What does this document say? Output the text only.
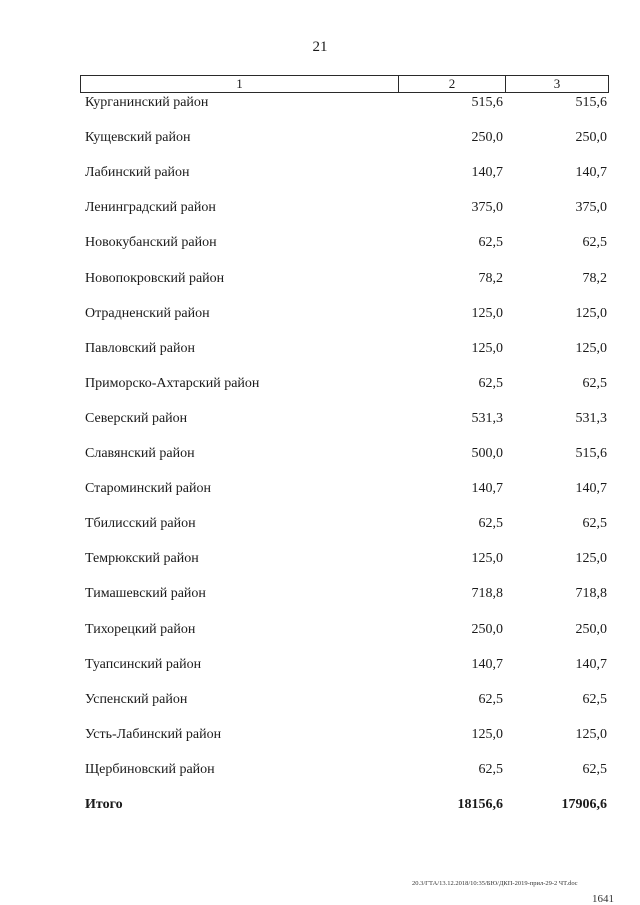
21
1	2	3
Курганинский район	515,6	515,6
Кущевский район	250,0	250,0
Лабинский район	140,7	140,7
Ленинградский район	375,0	375,0
Новокубанский район	62,5	62,5
Новопокровский район	78,2	78,2
Отрадненский район	125,0	125,0
Павловский район	125,0	125,0
Приморско-Ахтарский район	62,5	62,5
Северский район	531,3	531,3
Славянский район	500,0	515,6
Староминский район	140,7	140,7
Тбилисский район	62,5	62,5
Темрюкский район	125,0	125,0
Тимашевский район	718,8	718,8
Тихорецкий район	250,0	250,0
Туапсинский район	140,7	140,7
Успенский район	62,5	62,5
Усть-Лабинский район	125,0	125,0
Щербиновский район	62,5	62,5
Итого	18156,6	17906,6
20.3/ГТА/13.12.2018/10:35/БЮ/ДКП-2019-прил-29-2 ЧТ.doc
1641
